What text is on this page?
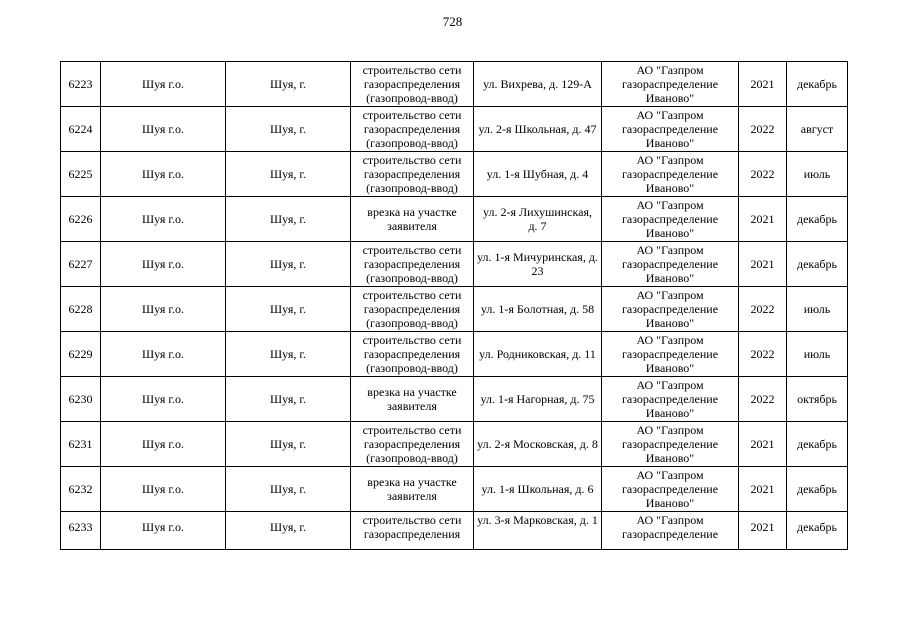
728
6223	Шуя г.о.	Шуя, г.	строительство сети газораспределения (газопровод-ввод)	ул. Вихрева, д. 129-А	АО "Газпром газораспределение Иваново"	2021	декабрь
6224	Шуя г.о.	Шуя, г.	строительство сети газораспределения (газопровод-ввод)	ул. 2-я Школьная, д. 47	АО "Газпром газораспределение Иваново"	2022	август
6225	Шуя г.о.	Шуя, г.	строительство сети газораспределения (газопровод-ввод)	ул. 1-я Шубная, д. 4	АО "Газпром газораспределение Иваново"	2022	июль
6226	Шуя г.о.	Шуя, г.	врезка на участке заявителя	ул. 2-я Лихушинская, д. 7	АО "Газпром газораспределение Иваново"	2021	декабрь
6227	Шуя г.о.	Шуя, г.	строительство сети газораспределения (газопровод-ввод)	ул. 1-я Мичуринская, д. 23	АО "Газпром газораспределение Иваново"	2021	декабрь
6228	Шуя г.о.	Шуя, г.	строительство сети газораспределения (газопровод-ввод)	ул. 1-я Болотная, д. 58	АО "Газпром газораспределение Иваново"	2022	июль
6229	Шуя г.о.	Шуя, г.	строительство сети газораспределения (газопровод-ввод)	ул. Родниковская, д. 11	АО "Газпром газораспределение Иваново"	2022	июль
6230	Шуя г.о.	Шуя, г.	врезка на участке заявителя	ул. 1-я Нагорная, д. 75	АО "Газпром газораспределение Иваново"	2022	октябрь
6231	Шуя г.о.	Шуя, г.	строительство сети газораспределения (газопровод-ввод)	ул. 2-я Московская, д. 8	АО "Газпром газораспределение Иваново"	2021	декабрь
6232	Шуя г.о.	Шуя, г.	врезка на участке заявителя	ул. 1-я Школьная, д. 6	АО "Газпром газораспределение Иваново"	2021	декабрь
6233	Шуя г.о.	Шуя, г.	строительство сети газораспределения	ул. 3-я Марковская, д. 1	АО "Газпром газораспределение	2021	декабрь
